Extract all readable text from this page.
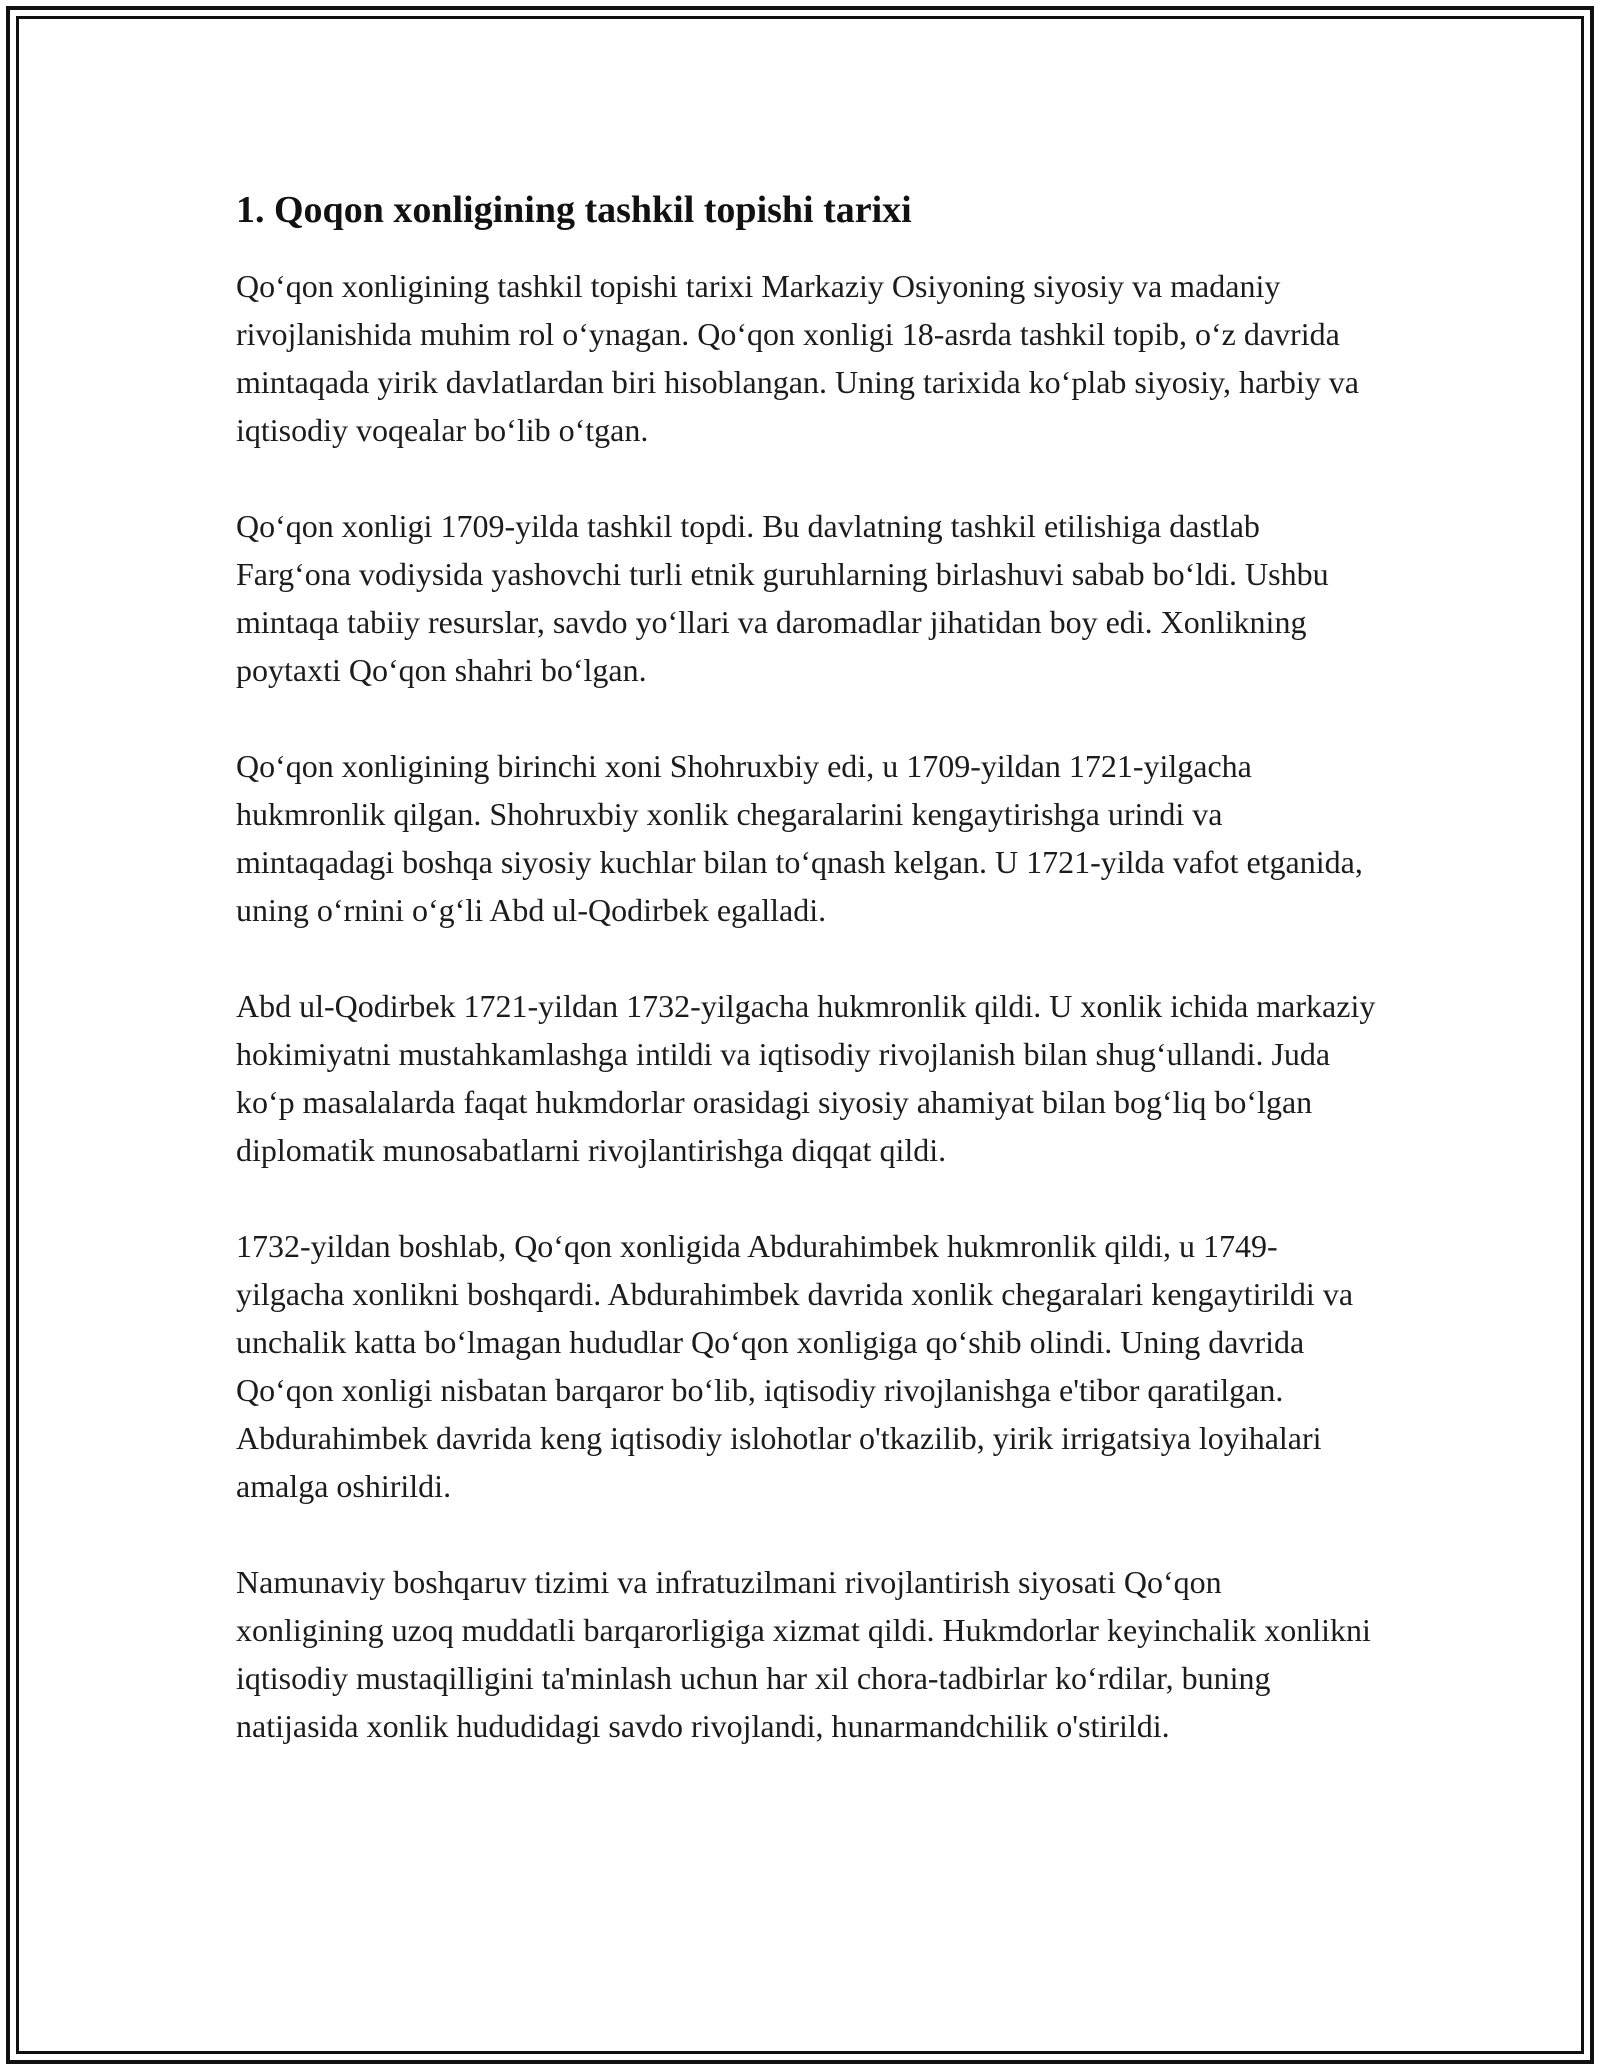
1. Qoqon xonligining tashkil topishi tarixi

Qo‘qon xonligining tashkil topishi tarixi Markaziy Osiyoning siyosiy va madaniy rivojlanishida muhim rol o‘ynagan. Qo‘qon xonligi 18-asrda tashkil topib, o‘z davrida mintaqada yirik davlatlardan biri hisoblangan. Uning tarixida ko‘plab siyosiy, harbiy va iqtisodiy voqealar bo‘lib o‘tgan.

Qo‘qon xonligi 1709-yilda tashkil topdi. Bu davlatning tashkil etilishiga dastlab Farg‘ona vodiysida yashovchi turli etnik guruhlarning birlashuvi sabab bo‘ldi. Ushbu mintaqa tabiiy resurslar, savdo yo‘llari va daromadlar jihatidan boy edi. Xonlikning poytaxti Qo‘qon shahri bo‘lgan.

Qo‘qon xonligining birinchi xoni Shohruxbiy edi, u 1709-yildan 1721-yilgacha hukmronlik qilgan. Shohruxbiy xonlik chegaralarini kengaytirishga urindi va mintaqadagi boshqa siyosiy kuchlar bilan to‘qnash kelgan. U 1721-yilda vafot etganida, uning o‘rnini o‘g‘li Abd ul-Qodirbek egalladi.

Abd ul-Qodirbek 1721-yildan 1732-yilgacha hukmronlik qildi. U xonlik ichida markaziy hokimiyatni mustahkamlashga intildi va iqtisodiy rivojlanish bilan shug‘ullandi. Juda ko‘p masalalarda faqat hukmdorlar orasidagi siyosiy ahamiyat bilan bog‘liq bo‘lgan diplomatik munosabatlarni rivojlantirishga diqqat qildi.

1732-yildan boshlab, Qo‘qon xonligida Abdurahimbek hukmronlik qildi, u 1749-yilgacha xonlikni boshqardi. Abdurahimbek davrida xonlik chegaralari kengaytirildi va unchalik katta bo‘lmagan hududlar Qo‘qon xonligiga qo‘shib olindi. Uning davrida Qo‘qon xonligi nisbatan barqaror bo‘lib, iqtisodiy rivojlanishga e'tibor qaratilgan. Abdurahimbek davrida keng iqtisodiy islohotlar o'tkazilib, yirik irrigatsiya loyihalari amalga oshirildi.

Namunaviy boshqaruv tizimi va infratuzilmani rivojlantirish siyosati Qo‘qon xonligining uzoq muddatli barqarorligiga xizmat qildi. Hukmdorlar keyinchalik xonlikni iqtisodiy mustaqilligini ta'minlash uchun har xil chora-tadbirlar ko‘rdilar, buning natijasida xonlik hududidagi savdo rivojlandi, hunarmandchilik o'stirildi.
